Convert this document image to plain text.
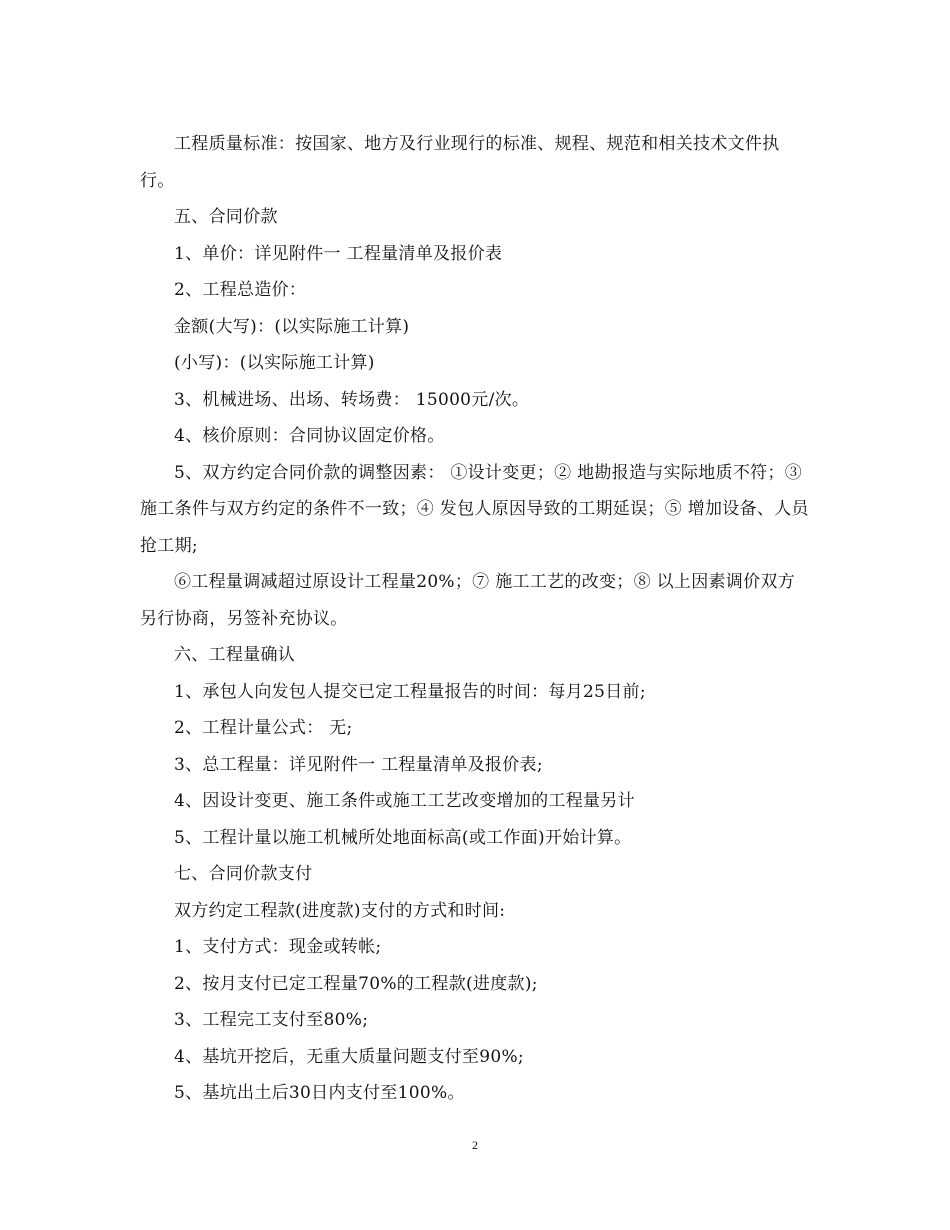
工程质量标准：按国家、地方及行业现行的标准、规程、规范和相关技术文件执行。

五、合同价款

1、单价：详见附件一 工程量清单及报价表

2、工程总造价：

金额(大写)：(以实际施工计算)

(小写)：(以实际施工计算)

3、机械进场、出场、转场费： 15000元/次。

4、核价原则：合同协议固定价格。

5、双方约定合同价款的调整因素： ①设计变更；② 地勘报造与实际地质不符；③ 施工条件与双方约定的条件不一致；④ 发包人原因导致的工期延误；⑤ 增加设备、人员抢工期;

⑥工程量调减超过原设计工程量20%；⑦ 施工工艺的改变；⑧ 以上因素调价双方另行协商，另签补充协议。

六、工程量确认

1、承包人向发包人提交已定工程量报告的时间：每月25日前;

2、工程计量公式： 无;

3、总工程量：详见附件一 工程量清单及报价表;

4、因设计变更、施工条件或施工工艺改变增加的工程量另计

5、工程计量以施工机械所处地面标高(或工作面)开始计算。

七、合同价款支付

双方约定工程款(进度款)支付的方式和时间:

1、支付方式：现金或转帐;

2、按月支付已定工程量70%的工程款(进度款);

3、工程完工支付至80%;

4、基坑开挖后，无重大质量问题支付至90%;

5、基坑出土后30日内支付至100%。

2
